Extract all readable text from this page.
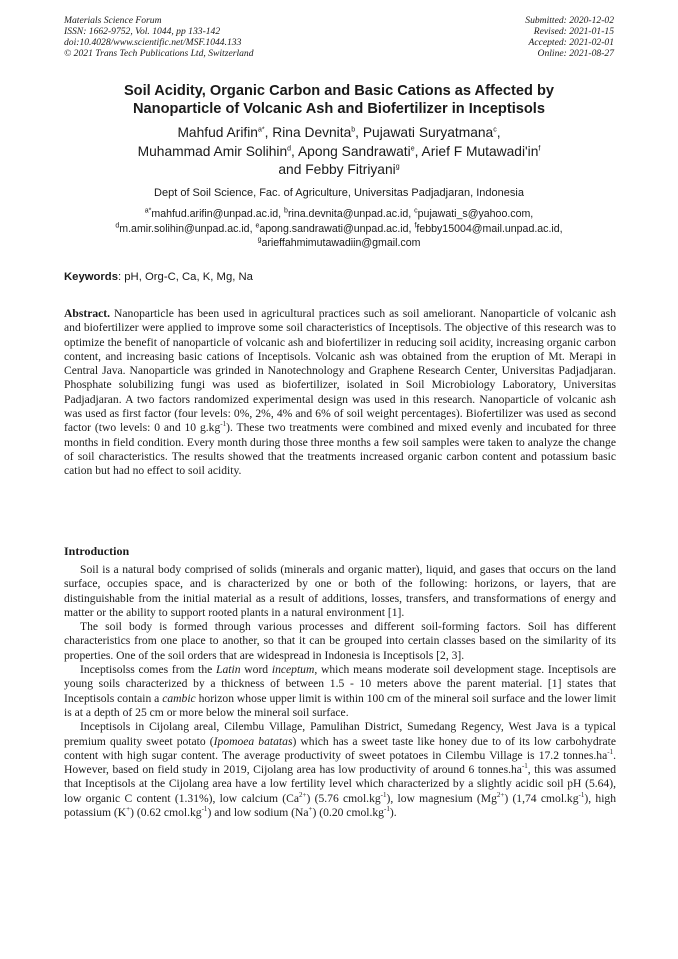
Materials Science Forum
ISSN: 1662-9752, Vol. 1044, pp 133-142
doi:10.4028/www.scientific.net/MSF.1044.133
© 2021 Trans Tech Publications Ltd, Switzerland
Submitted: 2020-12-02
Revised: 2021-01-15
Accepted: 2021-02-01
Online: 2021-08-27
Soil Acidity, Organic Carbon and Basic Cations as Affected by
Nanoparticle of Volcanic Ash and Biofertilizer in Inceptisols
Mahfud Arifin$^{a*}$, Rina Devnita$^b$, Pujawati Suryatmana$^c$,
Muhammad Amir Solihin$^d$, Apong Sandrawati$^e$, Arief F $Mutawadi'in^f$
and Febby Fitriyani$^g$
Dept of Soil Science, Fac. of Agriculture, Universitas Padjadjaran, Indonesia
$^{a*}$mahfud.arifin@unpad.ac.id, $^b$rina.devnita@unpad.ac.id, $^c$pujawati_s@yahoo.com,
$^d$m.amir.solihin@unpad.ac.id, $^e$apong.sandrawati@unpad.ac.id, $^f$febby15004@mail.unpad.ac.id,
$^g$arieffahmimutawadiin@gmail.com
Keywords: pH, Org-C, Ca, K, Mg, Na
Abstract. Nanoparticle has been used in agricultural practices such as soil ameliorant. Nanoparticle of volcanic ash and biofertilizer were applied to improve some soil characteristics of Inceptisols. The objective of this research was to optimize the benefit of nanoparticle of volcanic ash and biofertilizer in reducing soil acidity, increasing organic carbon content, and increasing basic cations of Inceptisols. Volcanic ash was obtained from the eruption of Mt. Merapi in Central Java. Nanoparticle was grinded in Nanotechnology and Graphene Research Center, Universitas Padjadjaran. Phosphate solubilizing fungi was used as biofertilizer, isolated in Soil Microbiology Laboratory, Universitas Padjadjaran. A two factors randomized experimental design was used in this research. Nanoparticle of volcanic ash was used as first factor (four levels: 0%, 2%, 4% and 6% of soil weight percentages). Biofertilizer was used as second factor (two levels: 0 and 10 $g.kg^{-1}$). These two treatments were combined and mixed evenly and incubated for three months in field condition. Every month during those three months a few soil samples were taken to analyze the change of soil characteristics. The results showed that the treatments increased organic carbon content and potassium basic cation but had no effect to soil acidity.
Introduction

Soil is a natural body comprised of solids (minerals and organic matter), liquid, and gases that occurs on the land surface, occupies space, and is characterized by one or both of the following: horizons, or layers, that are distinguishable from the initial material as a result of additions, losses, transfers, and transformations of energy and matter or the ability to support rooted plants in a natural environment [1].

The soil body is formed through various processes and different soil-forming factors. Soil has different characteristics from one place to another, so that it can be grouped into certain classes based on the similarity of its properties. One of the soil orders that are widespread in Indonesia is Inceptisols [2, 3].

Inceptisolss comes from the Latin word inceptum, which means moderate soil development stage. Inceptisols are young soils characterized by a thickness of between 1.5 - 10 meters above the parent material. [1] states that Inceptisols contain a cambic horizon whose upper limit is within 100 cm of the mineral soil surface and the lower limit is at a depth of 25 cm or more below the mineral soil surface.

Inceptisols in Cijolang areal, Cilembu Village, Pamulihan District, Sumedang Regency, West Java is a typical premium quality sweet potato (Ipomoea batatas) which has a sweet taste like honey due to of its low carbohydrate content with high sugar content. The average productivity of sweet potatoes in Cilembu Village is 17.2 $tonnes.ha^{-1}$. However, based on field study in 2019, Cijolang area has low productivity of around 6 $tonnes.ha^{-1}$, this was assumed that Inceptisols at the Cijolang area have a low fertility level which characterized by a slightly acidic soil pH (5.64), low organic C content (1.31%), low calcium $(Ca^{2+})$ (5.76 $cmol.kg^{-1}$), low magnesium $(Mg^{2+})$ (1,74 $cmol.kg^{-1}$), high potassium (K+) (0.62 $cmol.kg^{-1}$) and low sodium (Na+) (0.20 $cmol.kg^{-1}$).
